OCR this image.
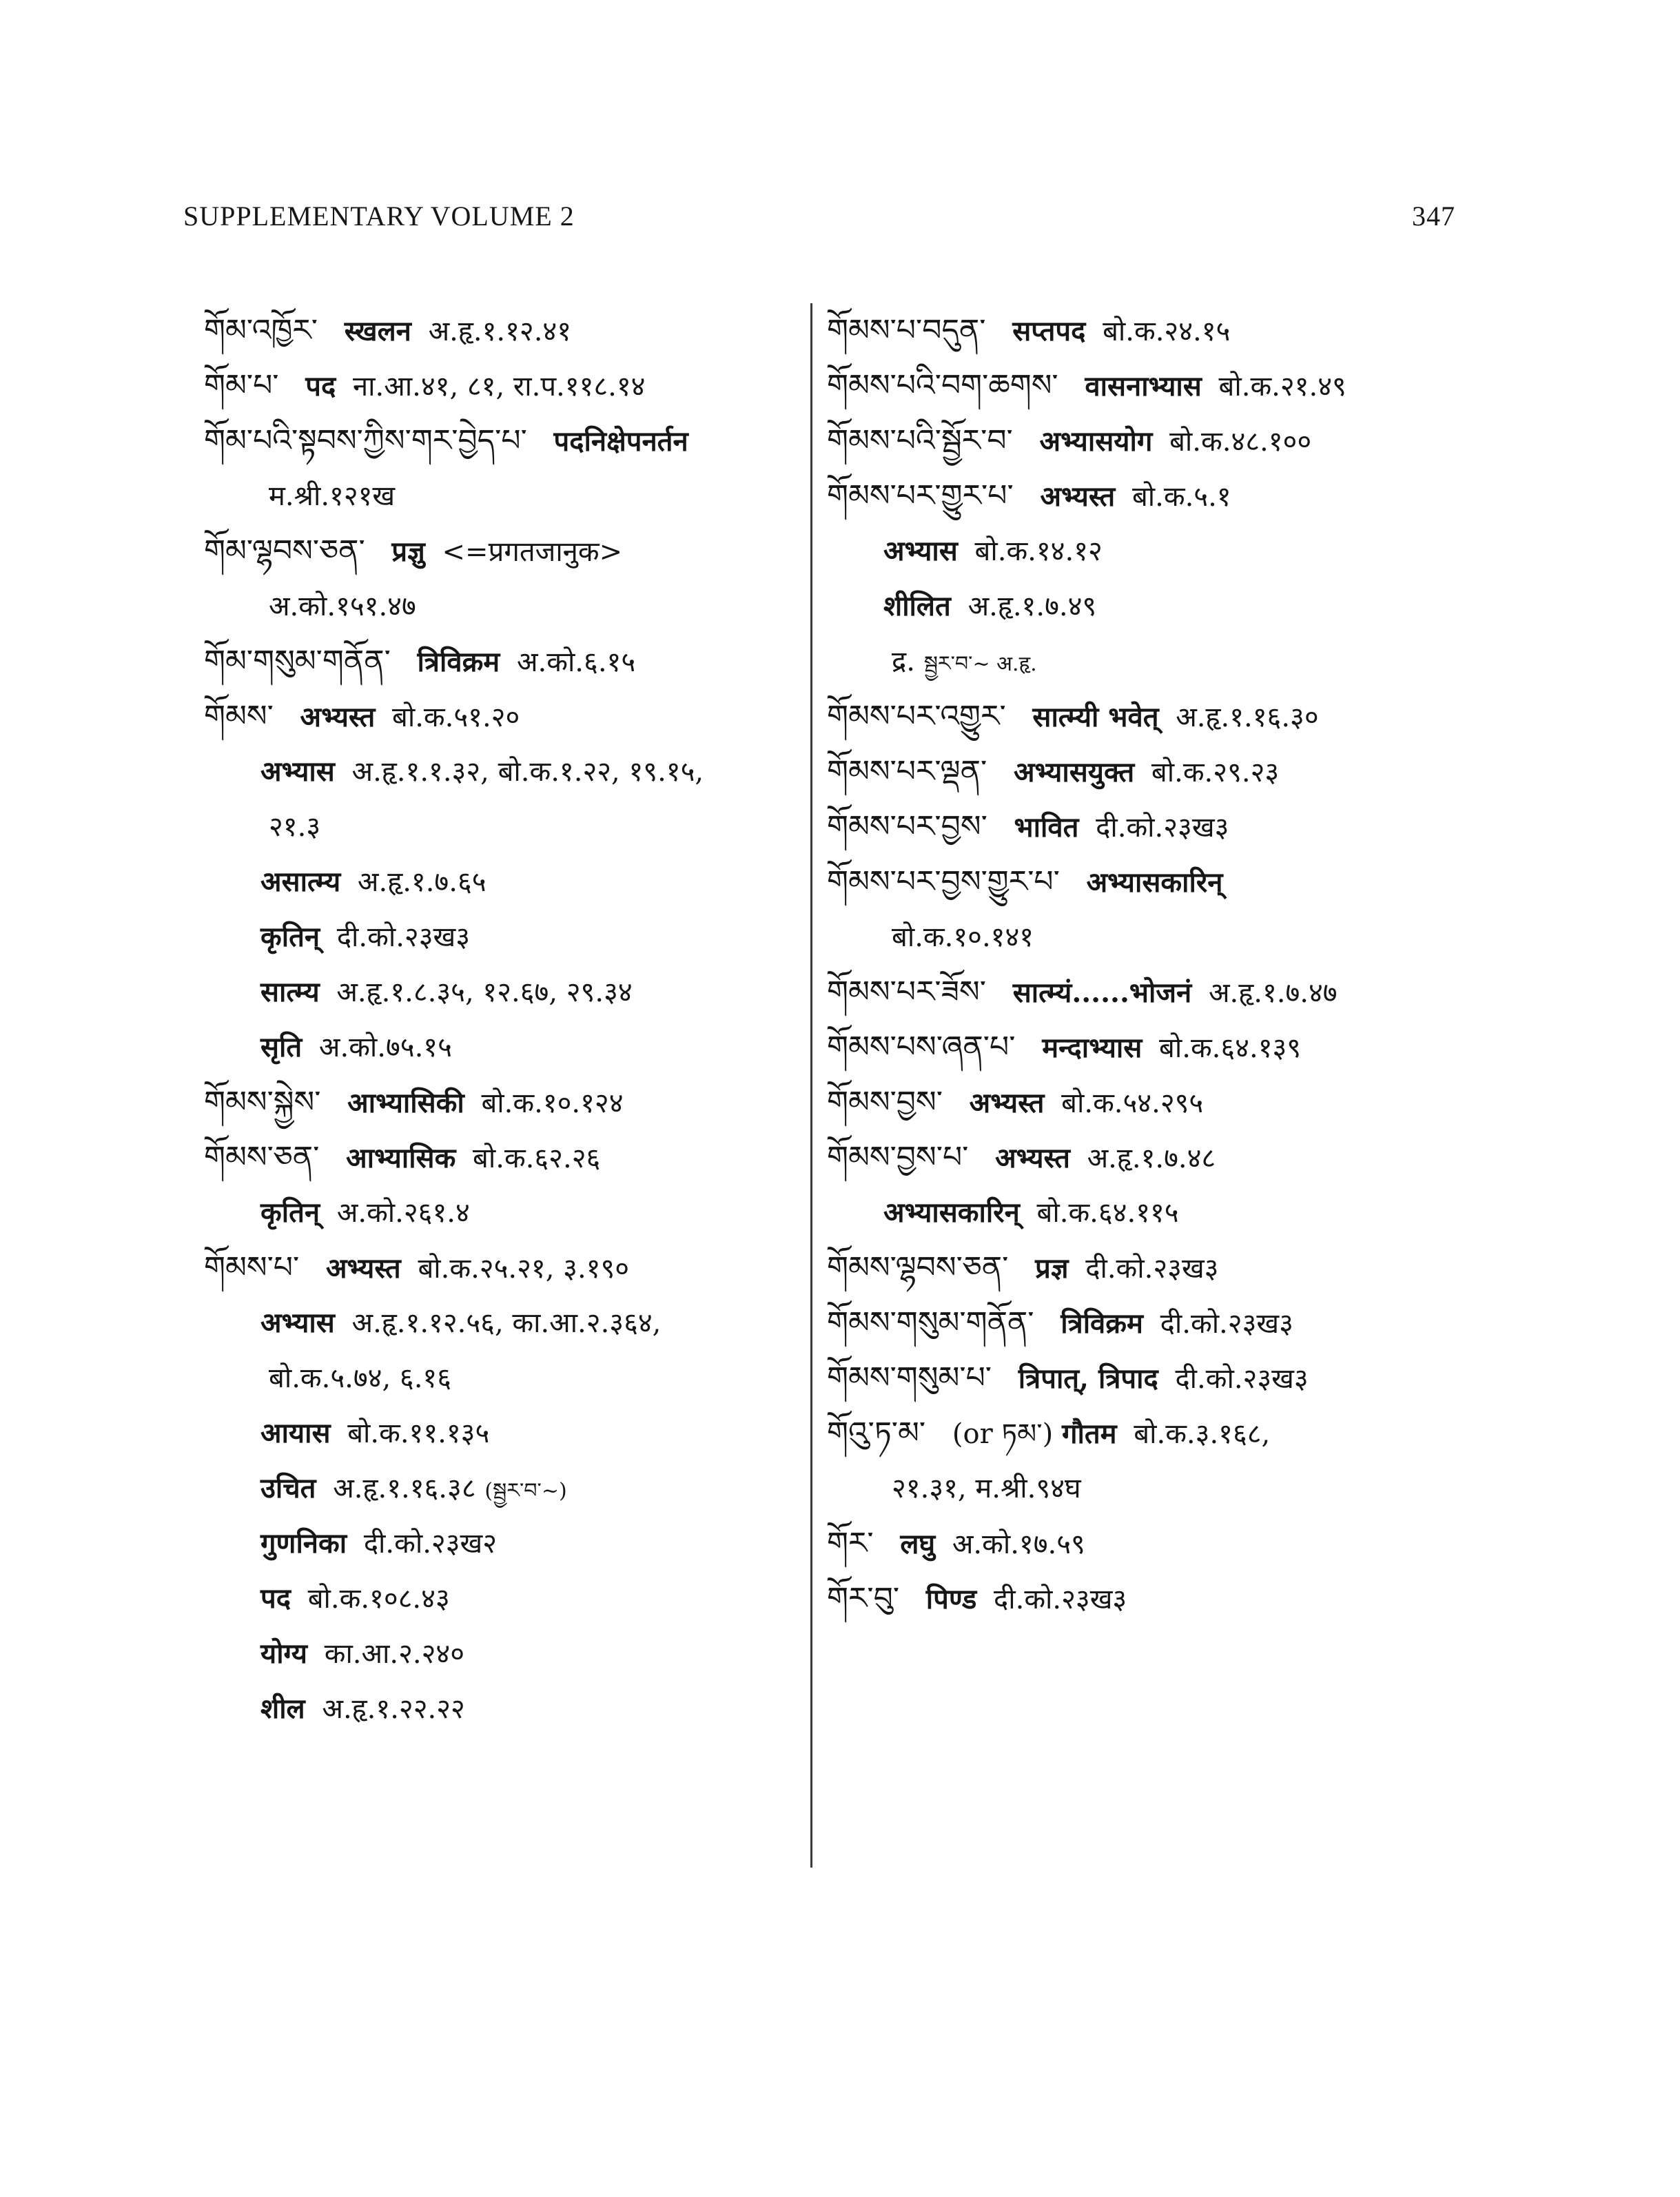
SUPPLEMENTARY VOLUME 2	347
གོམ་འཁྱོར་ स्खलन अ.हृ.१.१२.४१
གོམ་པ་ पद ना.आ.४१, ८१, रा.प.११८.१४
གོམ་པའི་སྟབས་ཀྱིས་གར་བྱེད་པ་ पदनिक्षेपनर्तन
म.श्री.१२१ख
གོམ་ལྷབས་ཅན་ प्रज्ञु <=प्रगतजानुक>
अ.को.१५१.४७
གོམ་གསུམ་གནོན་ त्रिविक्रम अ.को.६.१५
གོམས་ अभ्यस्त बो.क.५१.२०
अभ्यास अ.हृ.१.१.३२, बो.क.१.२२, १९.१५,
२१.३
असात्म्य अ.हृ.१.७.६५
कृतिन् दी.को.२३ख३
सात्म्य अ.हृ.१.८.३५, १२.६७, २९.३४
सृति अ.को.७५.१५
གོམས་སྐྱེས་ आभ्यासिकी बो.क.१०.१२४
གོམས་ཅན་ आभ्यासिक बो.क.६२.२६
कृतिन् अ.को.२६१.४
གོམས་པ་ अभ्यस्त बो.क.२५.२१, ३.१९०
अभ्यास अ.हृ.१.१२.५६, का.आ.२.३६४,
बो.क.५.७४, ६.१६
आयास बो.क.११.१३५
उचित अ.हृ.१.१६.३८ (སྦྱར་བ་~)
गुणनिका दी.को.२३ख२
पद बो.क.१०८.४३
योग्य का.आ.२.२४०
शील अ.हृ.१.२२.२२
གོམས་པ་བདུན་ सप्तपद बो.क.२४.१५
གོམས་པའི་བག་ཆགས་ वासनाभ्यास बो.क.२१.४९
གོམས་པའི་སྦྱོར་བ་ अभ्यासयोग बो.क.४८.१००
གོམས་པར་གྱུར་པ་ अभ्यस्त बो.क.५.१
अभ्यास बो.क.१४.१२
शीलित अ.हृ.१.७.४९
द्र. སྦྱར་བ་~ अ.हृ.
གོམས་པར་འགྱུར་ सात्म्यी भवेत् अ.हृ.१.१६.३०
གོམས་པར་ལྡན་ अभ्यासयुक्त बो.क.२९.२३
གོམས་པར་བྱས་ भावित दी.को.२३ख३
གོམས་པར་བྱས་གྱུར་པ་ अभ्यासकारिन्
बो.क.१०.१४१
གོམས་པར་ཟོས་ सात्म्यं......भोजनं अ.हृ.१.७.४७
གོམས་པས་ཞན་པ་ मन्दाभ्यास बो.क.६४.१३९
གོམས་བྱས་ अभ्यस्त बो.क.५४.२९५
གོམས་བྱས་པ་ अभ्यस्त अ.हृ.१.७.४८
अभ्यासकारिन् बो.क.६४.११५
གོམས་ལྷབས་ཅན་ प्रज्ञ दी.को.२३ख३
གོམས་གསུམ་གནོན་ त्रिविक्रम दी.को.२३ख३
གོམས་གསུམ་པ་ त्रिपात्, त्रिपाद दी.को.२३ख३
གོའུ་ཏ་མ་ (or ཏམ་) गौतम बो.क.३.१६८,
२१.३१, म.श्री.९४घ
གོར་ लघु अ.को.१७.५९
གོར་བུ་ पिण्ड दी.को.२३ख३
